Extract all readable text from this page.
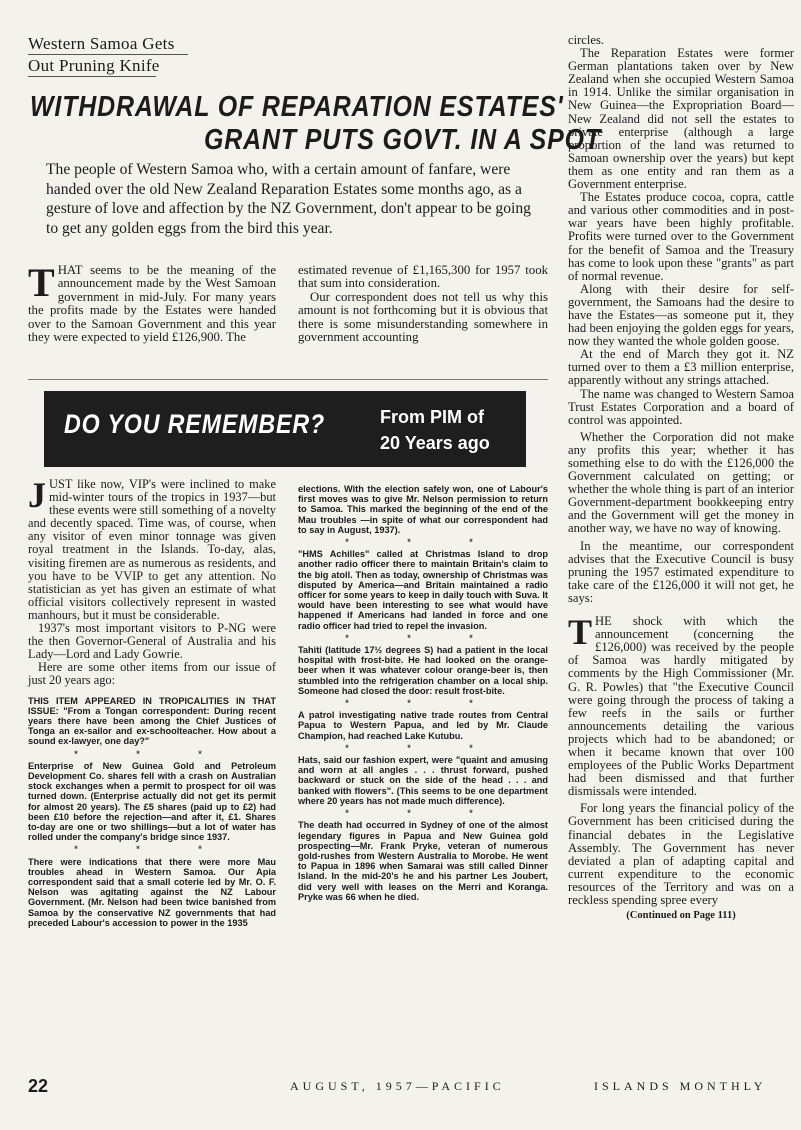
Western Samoa Gets
Out Pruning Knife
WITHDRAWAL OF REPARATION ESTATES'
GRANT PUTS GOVT. IN A SPOT
The people of Western Samoa who, with a certain amount of fanfare, were handed over the old New Zealand Reparation Estates some months ago, as a gesture of love and affection by the NZ Government, don't appear to be going to get any golden eggs from the bird this year.
THAT seems to be the meaning of the announcement made by the West Samoan government in mid-July. For many years the profits made by the Estates were handed over to the Samoan Government and this year they were expected to yield £126,900. The

estimated revenue of £1,165,300 for 1957 took that sum into consideration.

Our correspondent does not tell us why this amount is not forthcoming but it is obvious that there is some misunderstanding somewhere in government accounting

DO YOU REMEMBER?	From PIM of
20 Years ago

JUST like now, VIP's were inclined to make mid-winter tours of the tropics in 1937—but these events were still something of a novelty and decently spaced. Time was, of course, when any visitor of even minor tonnage was given royal treatment in the Islands. To-day, alas, visiting firemen are as numerous as residents, and you have to be VVIP to get any attention. No statistician as yet has given an estimate of what official visitors collectively represent in wasted manhours, but it must be considerable.

1937's most important visitors to P-NG were the then Governor-General of Australia and his Lady—Lord and Lady Gowrie.

Here are some other items from our issue of just 20 years ago:

THIS ITEM APPEARED IN TROPICALITIES IN THAT ISSUE: "From a Tongan correspondent: During recent years there have been among the Chief Justices of Tonga an ex-sailor and ex-schoolteacher. How about a sound ex-lawyer, one day?"

* * *

Enterprise of New Guinea Gold and Petroleum Development Co. shares fell with a crash on Australian stock exchanges when a permit to prospect for oil was turned down. (Enterprise actually did not get its permit for almost 20 years). The £5 shares (paid up to £2) had been £10 before the rejection—and after it, £1. Shares to-day are one or two shillings—but a lot of water has rolled under the company's bridge since 1937.

* * *

There were indications that there were more Mau troubles ahead in Western Samoa. Our Apia correspondent said that a small coterie led by Mr. O. F. Nelson was agitating against the NZ Labour Government. (Mr. Nelson had been twice banished from Samoa by the conservative NZ governments that had preceded Labour's accession to power in the 1935

elections. With the election safely won, one of Labour's first moves was to give Mr. Nelson permission to return to Samoa. This marked the beginning of the end of the Mau troubles —in spite of what our correspondent had to say in August, 1937).

* * *

"HMS Achilles" called at Christmas Island to drop another radio officer there to maintain Britain's claim to the big atoll. Then as today, ownership of Christmas was disputed by America—and Britain maintained a radio officer for some years to keep in daily touch with Suva. It would have been interesting to see what would have happened if Americans had landed in force and one radio officer had tried to repel the invasion.

* * *

Tahiti (latitude 17½ degrees S) had a patient in the local hospital with frost-bite. He had looked on the orange-beer when it was whatever colour orange-beer is, then stumbled into the refrigeration chamber on a local ship. Someone had closed the door: result frost-bite.

* * *

A patrol investigating native trade routes from Central Papua to Western Papua, and led by Mr. Claude Champion, had reached Lake Kutubu.

* * *

Hats, said our fashion expert, were "quaint and amusing and worn at all angles . . . thrust forward, pushed backward or stuck on the side of the head . . . and banked with flowers". (This seems to be one department where 20 years has not made much difference).

* * *

The death had occurred in Sydney of one of the almost legendary figures in Papua and New Guinea gold prospecting—Mr. Frank Pryke, veteran of numerous gold-rushes from Western Australia to Morobe. He went to Papua in 1896 when Samarai was still called Dinner Island. In the mid-20's he and his partner Les Joubert, did very well with leases on the Merri and Koranga. Pryke was 66 when he died.

circles.

The Reparation Estates were former German plantations taken over by New Zealand when she occupied Western Samoa in 1914. Unlike the similar organisation in New Guinea—the Expropriation Board—New Zealand did not sell the estates to private enterprise (although a large proportion of the land was returned to Samoan ownership over the years) but kept them as one entity and ran them as a Government enterprise.

The Estates produce cocoa, copra, cattle and various other commodities and in post-war years have been highly profitable. Profits were turned over to the Government for the benefit of Samoa and the Treasury has come to look upon these "grants" as part of normal revenue.

Along with their desire for self-government, the Samoans had the desire to have the Estates—as someone put it, they had been enjoying the golden eggs for years, now they wanted the whole golden goose.

At the end of March they got it. NZ turned over to them a £3 million enterprise, apparently without any strings attached.

The name was changed to Western Samoa Trust Estates Corporation and a board of control was appointed.

Whether the Corporation did not make any profits this year; whether it has something else to do with the £126,000 the Government calculated on getting; or whether the whole thing is part of an interior Government-department bookkeeping entry and the Government will get the money in another way, we have no way of knowing.

In the meantime, our correspondent advises that the Executive Council is busy pruning the 1957 estimated expenditure to take care of the £126,000 it will not get, he says:

THE shock with which the announcement (concerning the £126,000) was received by the people of Samoa was hardly mitigated by comments by the High Commissioner (Mr. G. R. Powles) that "the Executive Council were going through the process of taking a few reefs in the sails or further announcements detailing the various projects which had to be abandoned; or when it became known that over 100 employees of the Public Works Department had been dismissed and that further dismissals were intended.

For long years the financial policy of the Government has been criticised during the financial debates in the Legislative Assembly. The Government has never deviated a plan of adapting capital and current expenditure to the economic resources of the Territory and was on a reckless spending spree every

(Continued on Page 111)

22	AUGUST, 1957—PACIFIC	ISLANDS MONTHLY
